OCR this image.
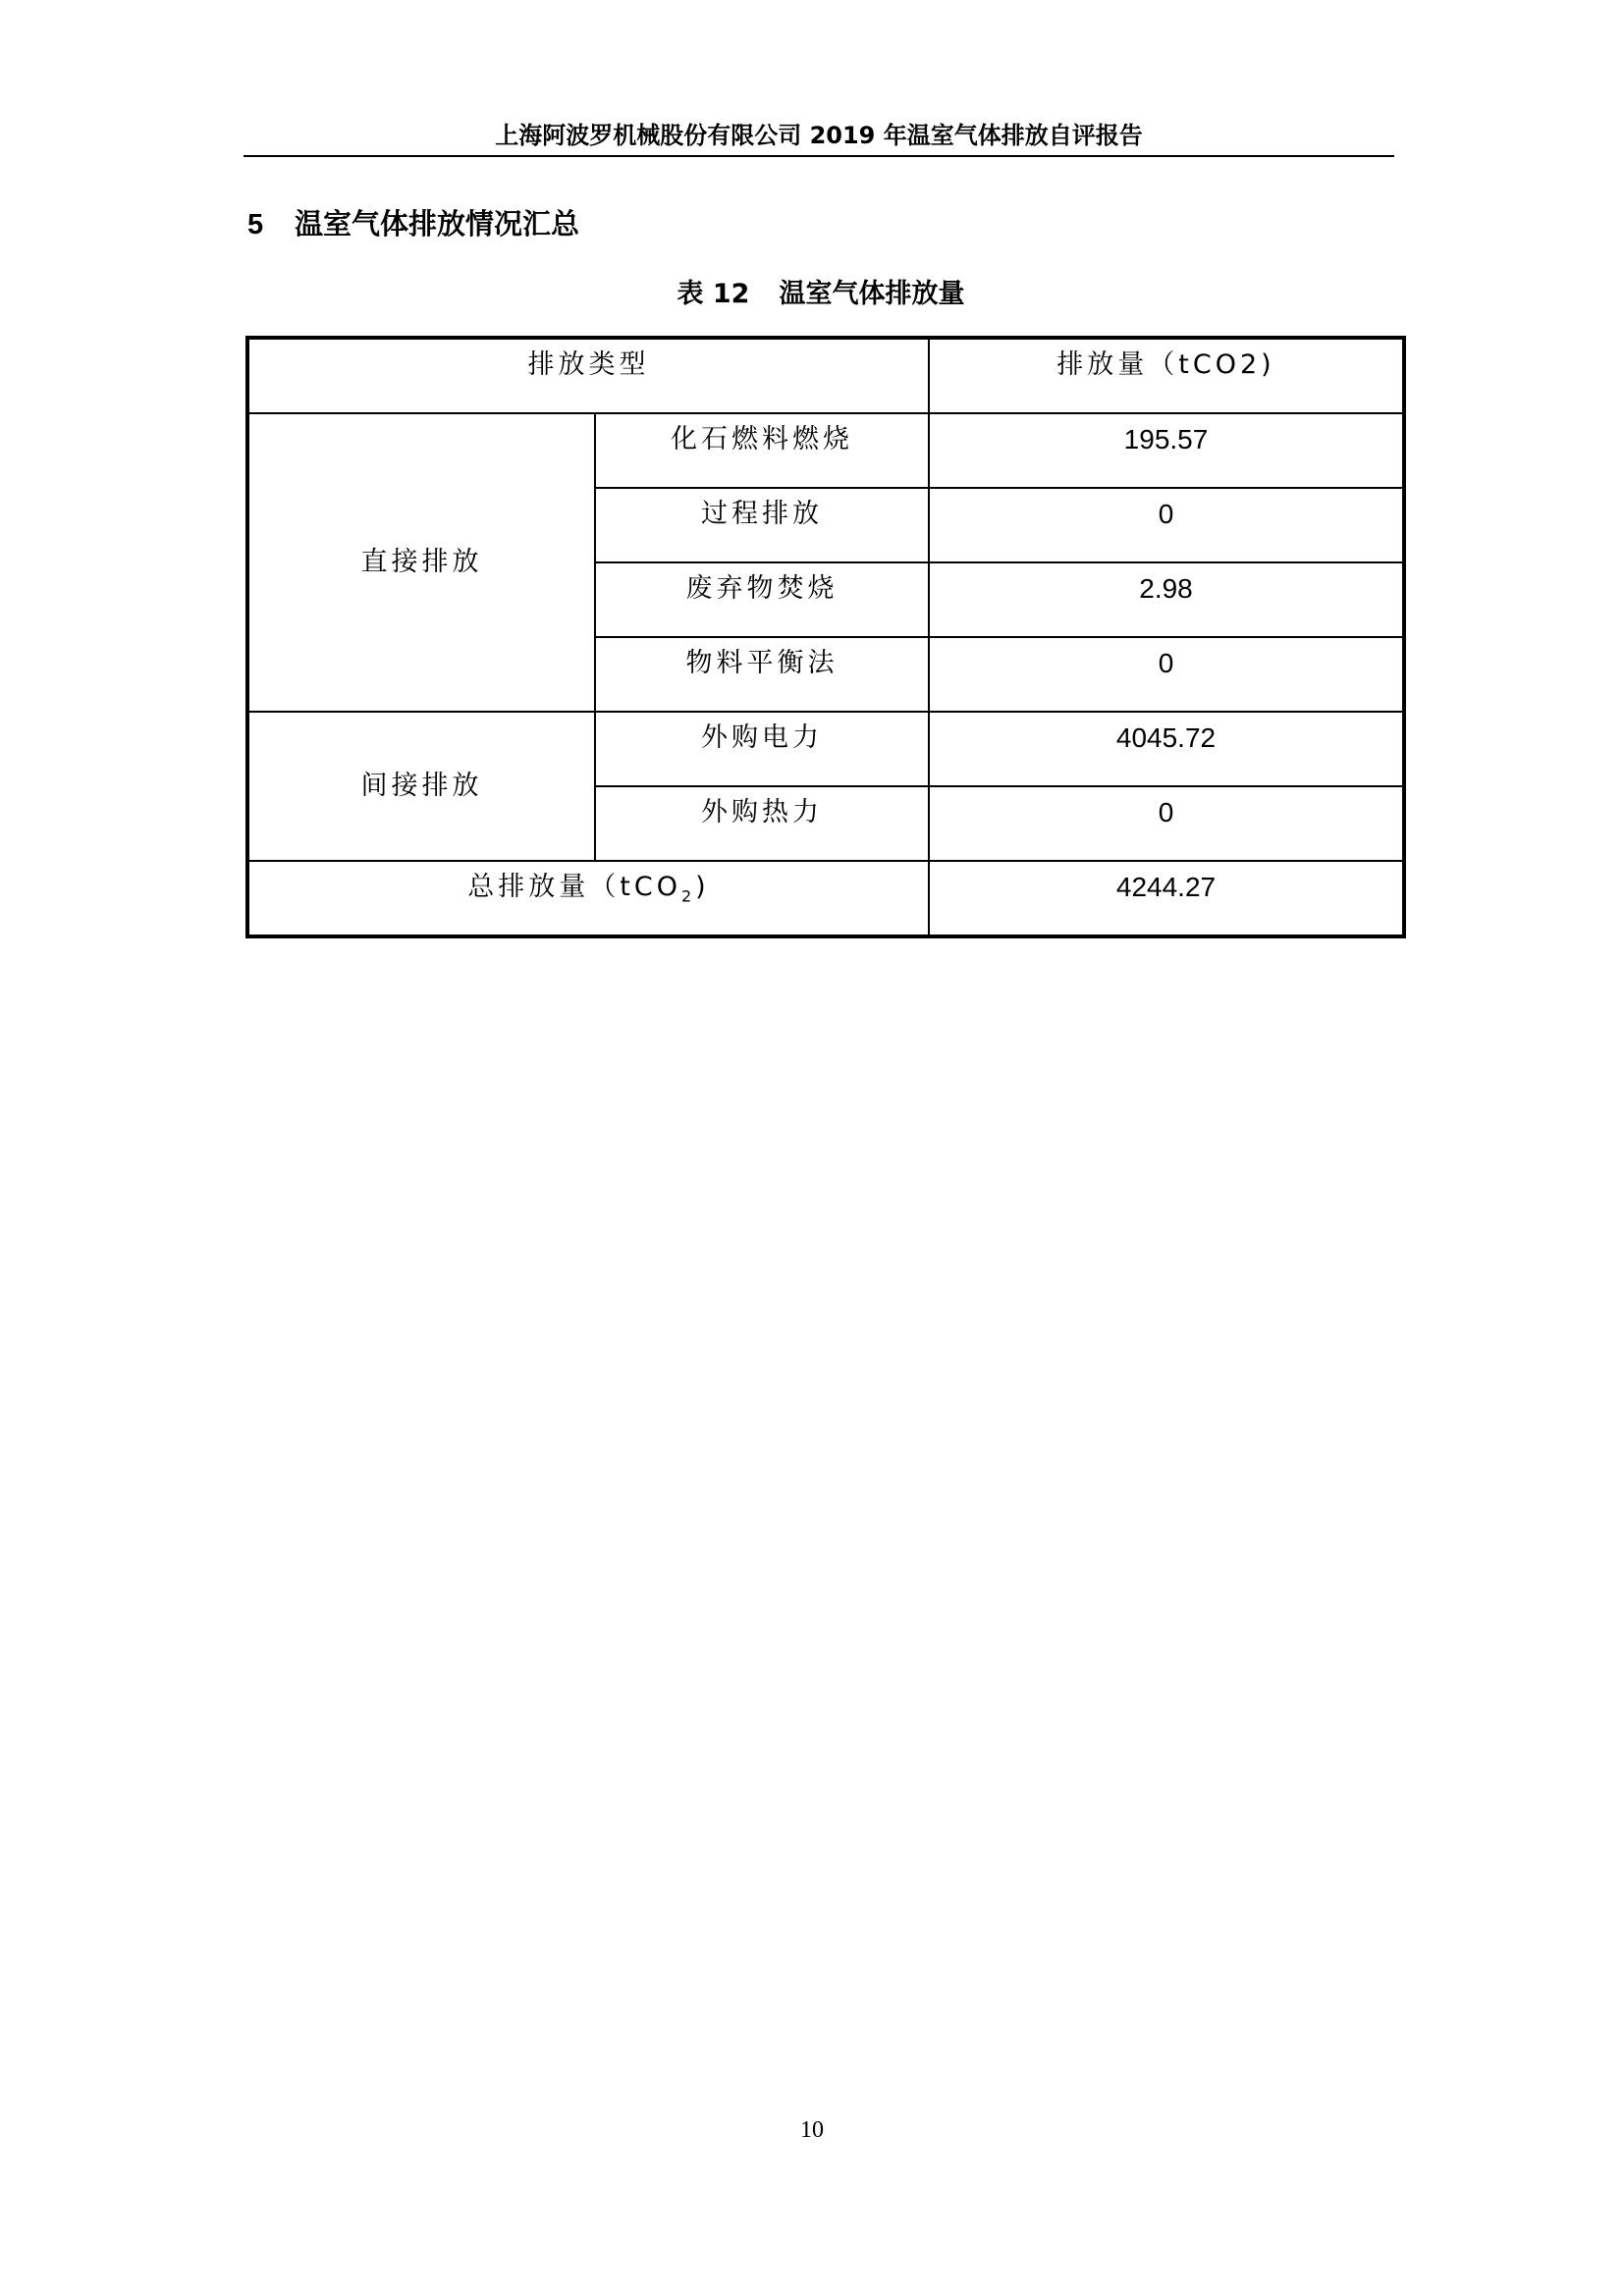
上海阿波罗机械股份有限公司 2019 年温室气体排放自评报告
5 温室气体排放情况汇总
表 12 温室气体排放量
排放类型		排放量（tCO2)
直接排放	化石燃料燃烧	195.57
	过程排放	0
	废弃物焚烧	2.98
	物料平衡法	0
间接排放	外购电力	4045.72
	外购热力	0
总排放量（tCO$_2$)		4244.27
10
